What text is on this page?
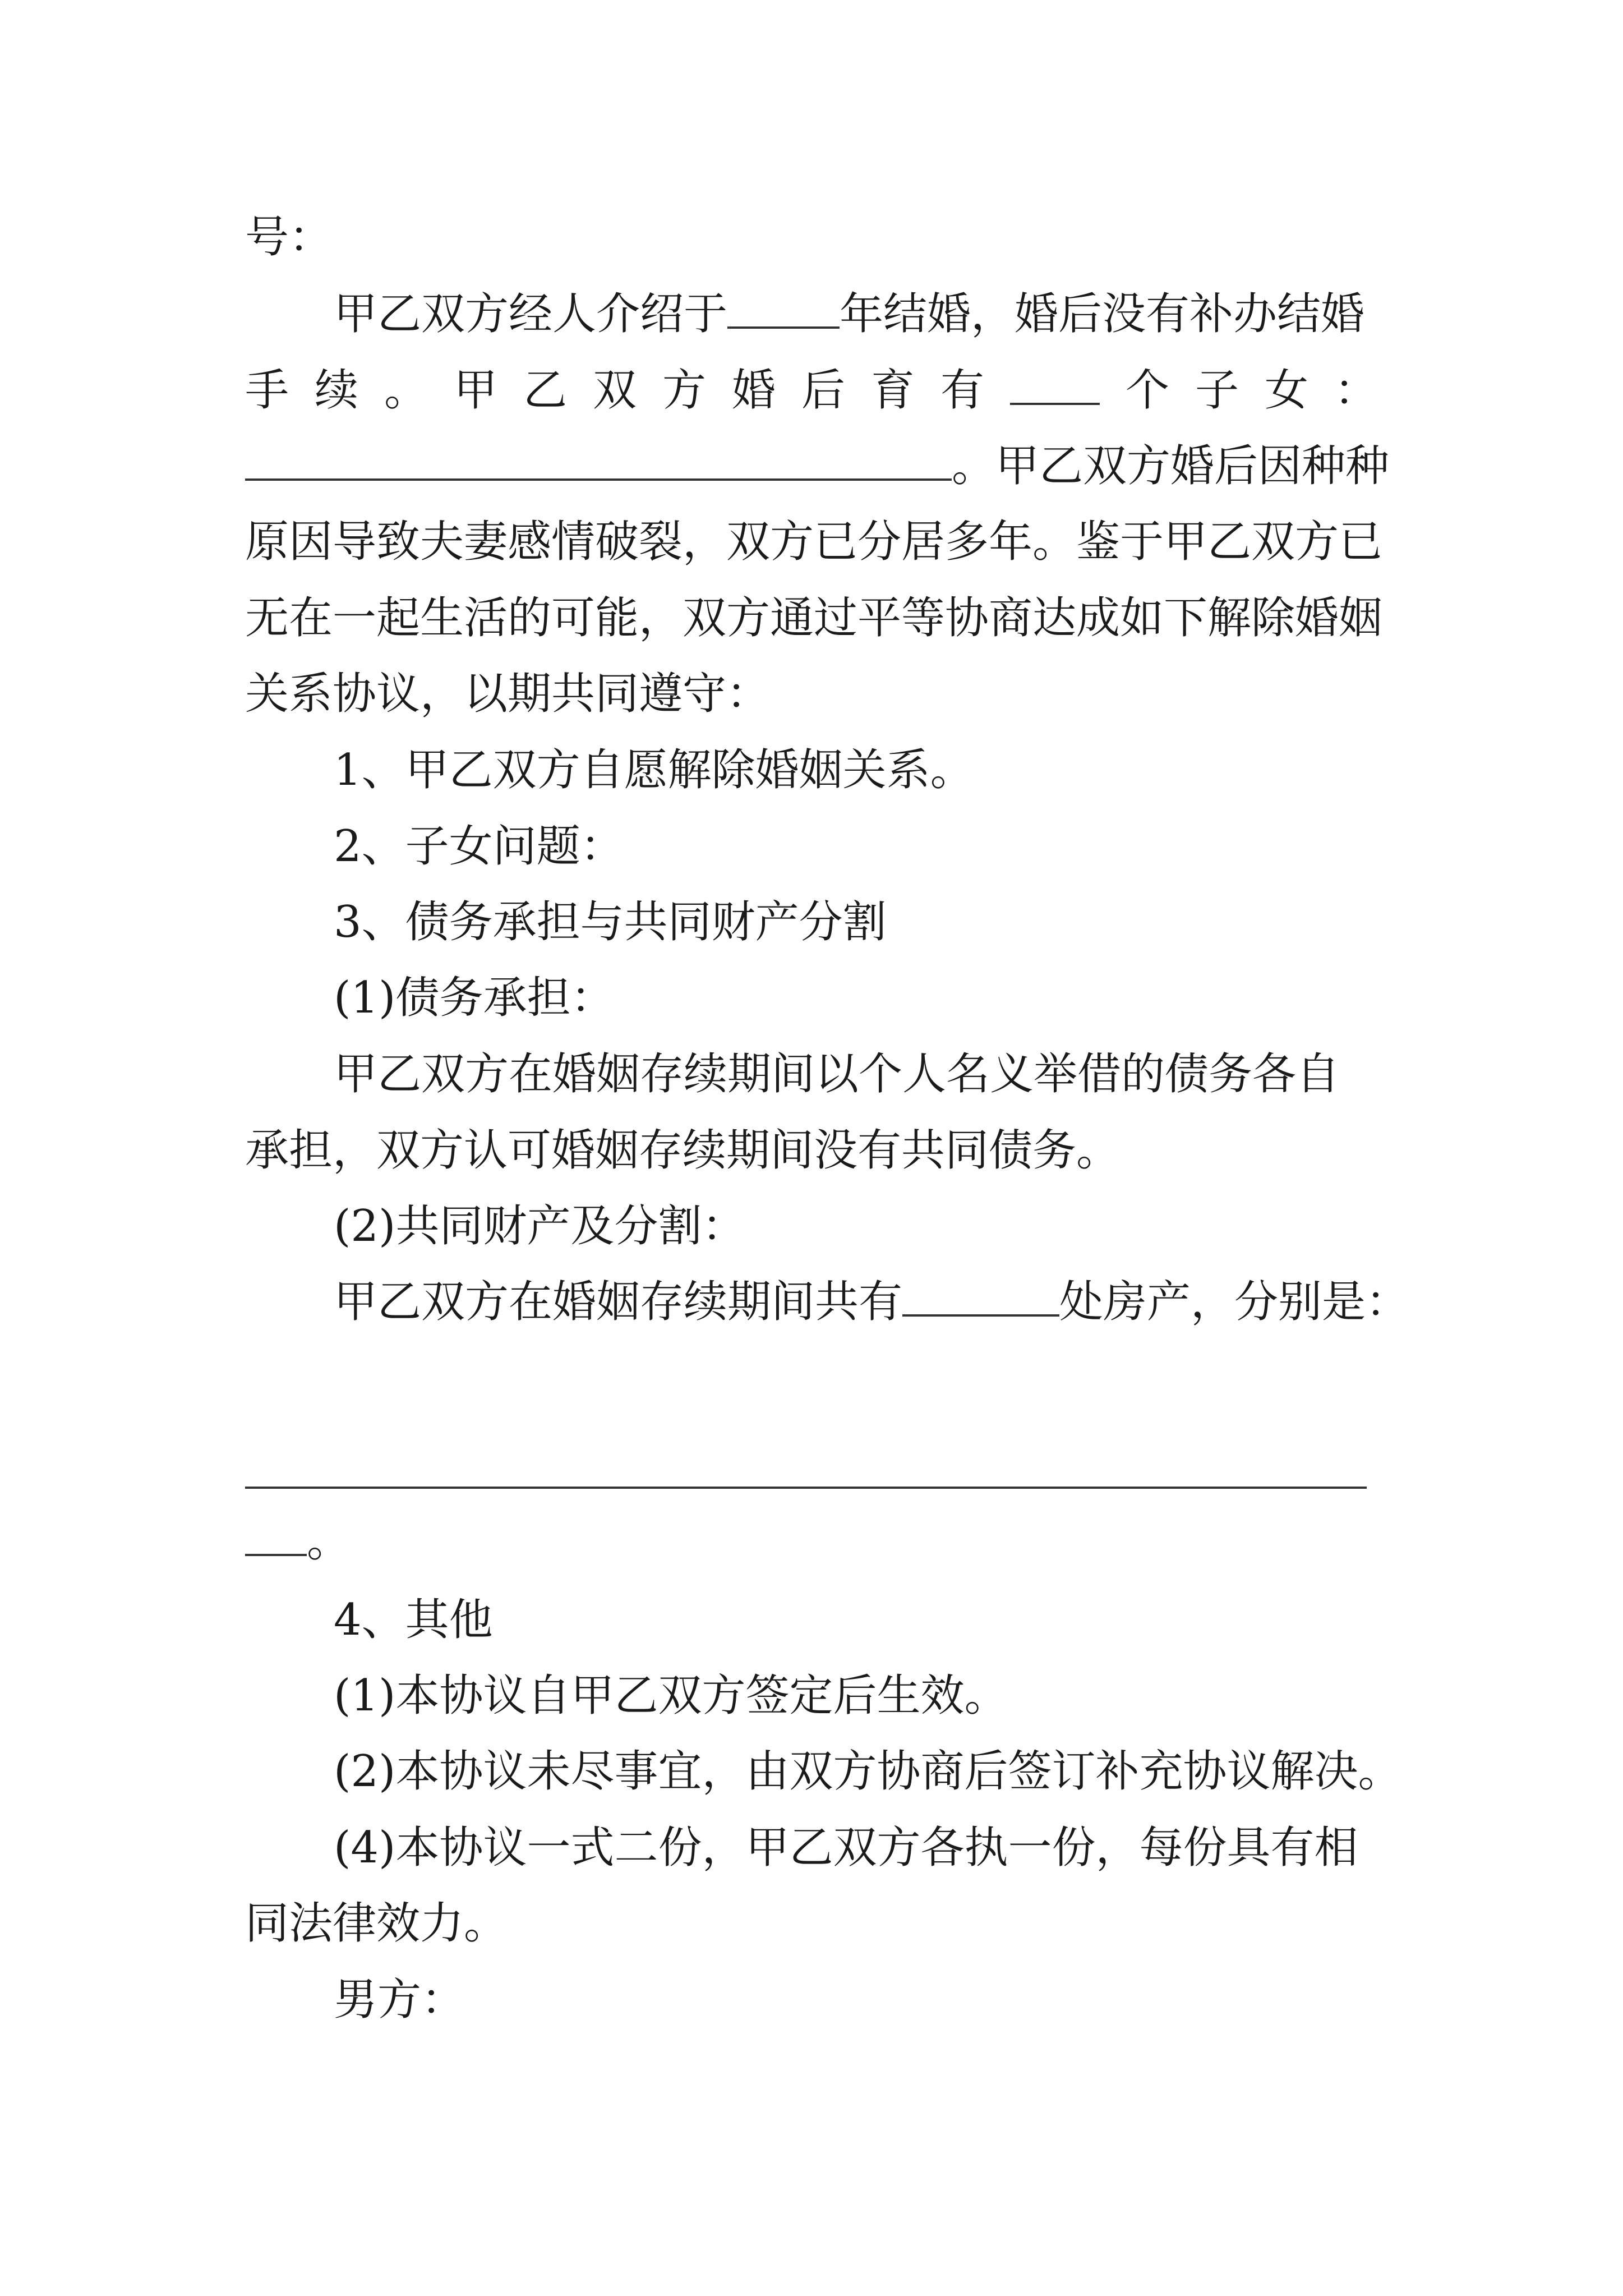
号：
甲乙双方经人介绍于	年结婚，婚后没有补办结婚
手 续 。 甲 乙 双 方 婚 后 育 有	个 子 女 ：
。甲乙双方婚后因种种
原因导致夫妻感情破裂，双方已分居多年。鉴于甲乙双方已
无在一起生活的可能，双方通过平等协商达成如下解除婚姻
关系协议，以期共同遵守：
1、甲乙双方自愿解除婚姻关系。
2、子女问题：
3、债务承担与共同财产分割
(1)债务承担：
甲乙双方在婚姻存续期间以个人名义举借的债务各自
承担，双方认可婚姻存续期间没有共同债务。
(2)共同财产及分割：
甲乙双方在婚姻存续期间共有	处房产，分别是：
。
4、其他
(1)本协议自甲乙双方签定后生效。
(2)本协议未尽事宜，由双方协商后签订补充协议解决。
(4)本协议一式二份，甲乙双方各执一份，每份具有相
同法律效力。
男方：
